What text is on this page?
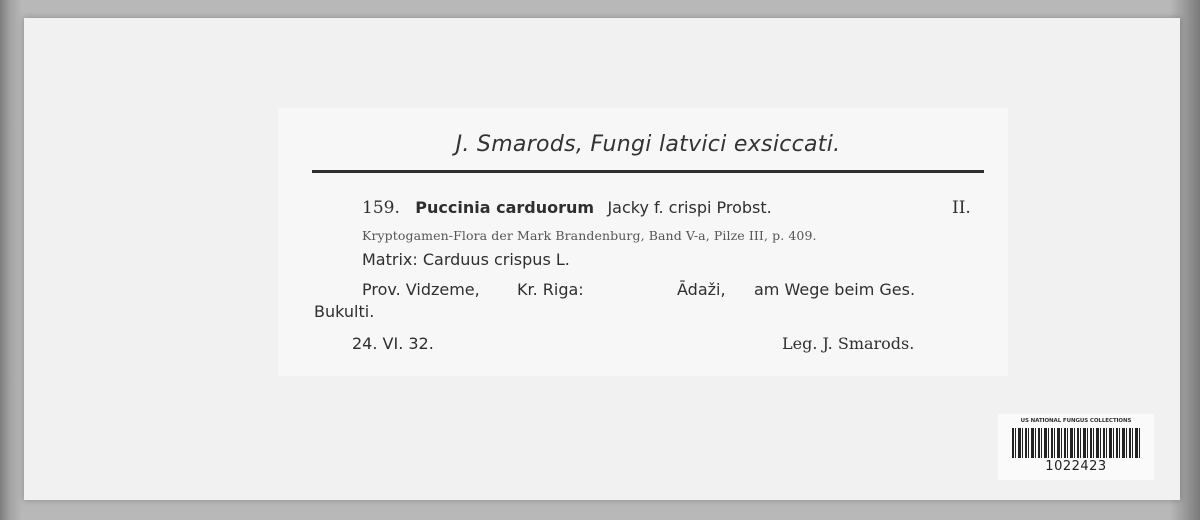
J. Smarods, Fungi latvici exsiccati.
159. Puccinia carduorum Jacky f. crispi Probst.	II.
Kryptogamen-Flora der Mark Brandenburg, Band V-a, Pilze III, p. 409.
Matrix: Carduus crispus L.
Prov. Vidzeme, Kr. Riga:	Ādaži, am Wege beim Ges.
Bukulti.
24. VI. 32.	Leg. J. Smarods.
US NATIONAL FUNGUS COLLECTIONS
1022423
